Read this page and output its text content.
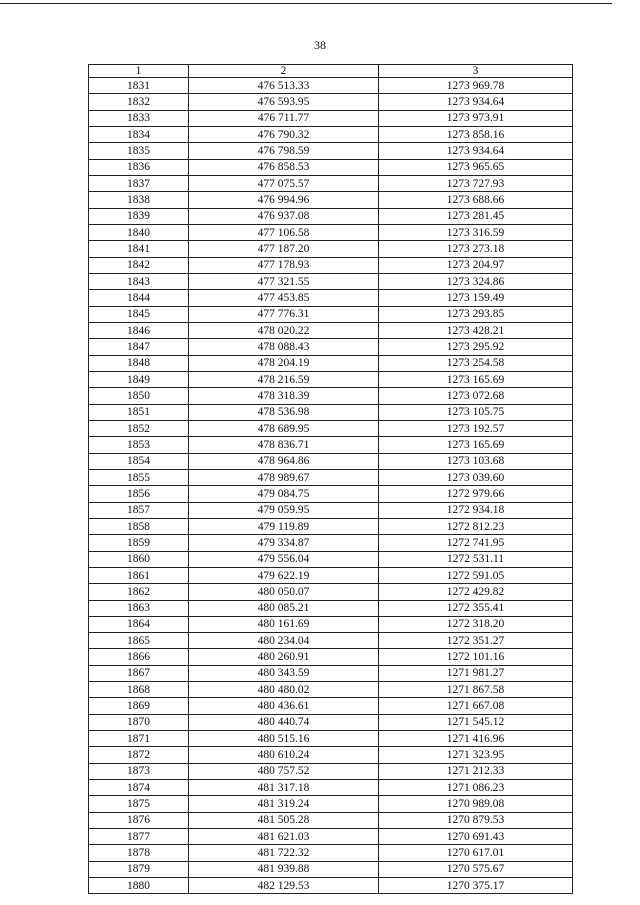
38
1	2	3
1831	476 513.33	1273 969.78
1832	476 593.95	1273 934.64
1833	476 711.77	1273 973.91
1834	476 790.32	1273 858.16
1835	476 798.59	1273 934.64
1836	476 858.53	1273 965.65
1837	477 075.57	1273 727.93
1838	476 994.96	1273 688.66
1839	476 937.08	1273 281.45
1840	477 106.58	1273 316.59
1841	477 187.20	1273 273.18
1842	477 178.93	1273 204.97
1843	477 321.55	1273 324.86
1844	477 453.85	1273 159.49
1845	477 776.31	1273 293.85
1846	478 020.22	1273 428.21
1847	478 088.43	1273 295.92
1848	478 204.19	1273 254.58
1849	478 216.59	1273 165.69
1850	478 318.39	1273 072.68
1851	478 536.98	1273 105.75
1852	478 689.95	1273 192.57
1853	478 836.71	1273 165.69
1854	478 964.86	1273 103.68
1855	478 989.67	1273 039.60
1856	479 084.75	1272 979.66
1857	479 059.95	1272 934.18
1858	479 119.89	1272 812.23
1859	479 334.87	1272 741.95
1860	479 556.04	1272 531.11
1861	479 622.19	1272 591.05
1862	480 050.07	1272 429.82
1863	480 085.21	1272 355.41
1864	480 161.69	1272 318.20
1865	480 234.04	1272 351.27
1866	480 260.91	1272 101.16
1867	480 343.59	1271 981.27
1868	480 480.02	1271 867.58
1869	480 436.61	1271 667.08
1870	480 440.74	1271 545.12
1871	480 515.16	1271 416.96
1872	480 610.24	1271 323.95
1873	480 757.52	1271 212.33
1874	481 317.18	1271 086.23
1875	481 319.24	1270 989.08
1876	481 505.28	1270 879.53
1877	481 621.03	1270 691.43
1878	481 722.32	1270 617.01
1879	481 939.88	1270 575.67
1880	482 129.53	1270 375.17
